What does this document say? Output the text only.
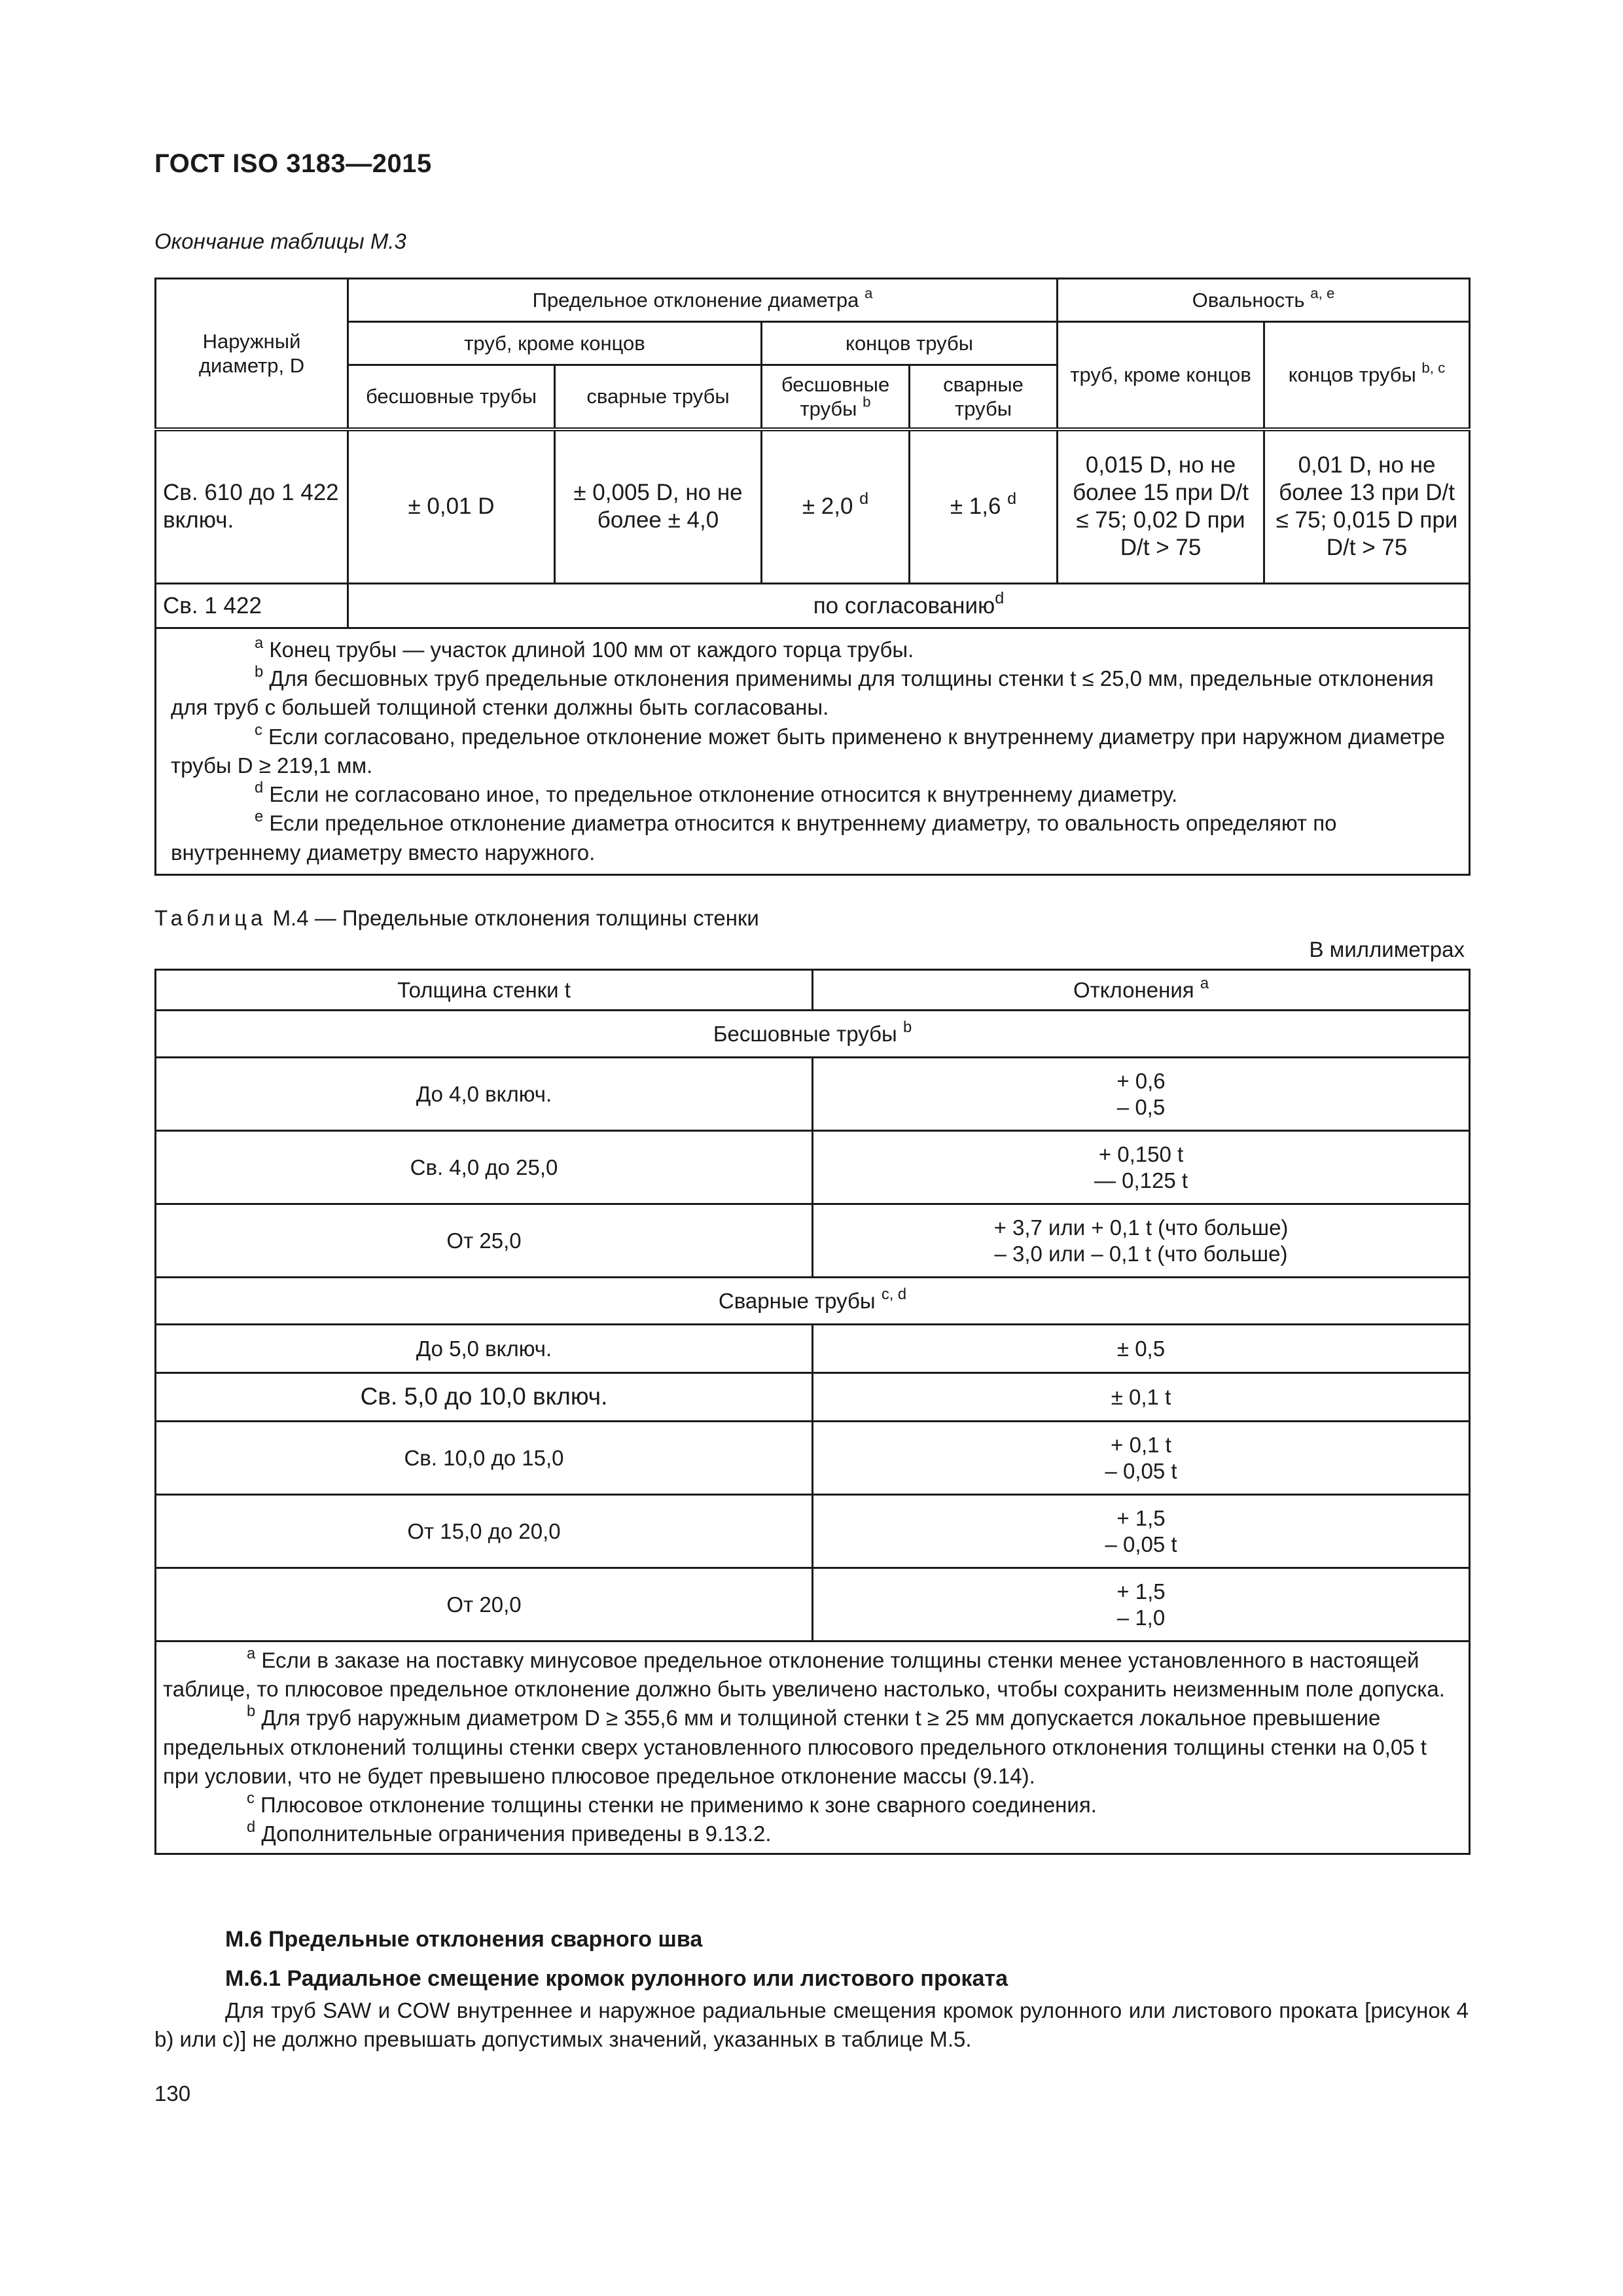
ГОСТ ISO 3183—2015
Окончание таблицы М.3
Наружный диаметр, D	Предельное отклонение диаметра $^a$				Овальность $^{a, e}$
	труб, кроме концов		концов трубы		труб, кроме концов	концов трубы $^{b, c}$
	бесшовные трубы	сварные трубы	бесшовные трубы $^b$	сварные трубы		
Св. 610 до 1 422 включ.	± 0,01 D	± 0,005 D, но не более ± 4,0	± 2,0 $^d$	± 1,6 $^d$	0,015 D, но не более 15 при D/t ≤ 75; 0,02 D при D/t > 75	0,01 D, но не более 13 при D/t ≤ 75; 0,015 D при D/t > 75
Св. 1 422	по согласованию$^d$

$^a$ Конец трубы — участок длиной 100 мм от каждого торца трубы.
$^b$ Для бесшовных труб предельные отклонения применимы для толщины стенки t ≤ 25,0 мм, предельные отклонения для труб с большей толщиной стенки должны быть согласованы.
$^c$ Если согласовано, предельное отклонение может быть применено к внутреннему диаметру при наружном диаметре трубы D ≥ 219,1 мм.
$^d$ Если не согласовано иное, то предельное отклонение относится к внутреннему диаметру.
$^e$ Если предельное отклонение диаметра относится к внутреннему диаметру, то овальность определяют по внутреннему диаметру вместо наружного.						
Таблица М.4 — Предельные отклонения толщины стенки
В миллиметрах
Толщина стенки t	Отклонения $^a$
Бесшовные трубы $^b$
До 4,0 включ.	+ 0,6
– 0,5

Св. 4,0 до 25,0	+ 0,150 t
— 0,125 t

От 25,0	+ 3,7 или + 0,1 t (что больше)
– 3,0 или – 0,1 t (что больше)

Сварные трубы $^{c, d}$
До 5,0 включ.	± 0,5
Св. 5,0 до 10,0 включ.	± 0,1 t
Св. 10,0 до 15,0	+ 0,1 t
– 0,05 t

От 15,0 до 20,0	+ 1,5
– 0,05 t

От 20,0	+ 1,5
– 1,0

$^a$ Если в заказе на поставку минусовое предельное отклонение толщины стенки менее установленного в настоящей таблице, то плюсовое предельное отклонение должно быть увеличено настолько, чтобы сохранить неизменным поле допуска.
$^b$ Для труб наружным диаметром D ≥ 355,6 мм и толщиной стенки t ≥ 25 мм допускается локальное превышение предельных отклонений толщины стенки сверх установленного плюсового предельного отклонения толщины стенки на 0,05 t при условии, что не будет превышено плюсовое предельное отклонение массы (9.14).
$^c$ Плюсовое отклонение толщины стенки не применимо к зоне сварного соединения.
$^d$ Дополнительные ограничения приведены в 9.13.2.	
М.6 Предельные отклонения сварного шва
М.6.1 Радиальное смещение кромок рулонного или листового проката
Для труб SAW и COW внутреннее и наружное радиальные смещения кромок рулонного или листового проката [рисунок 4 b) или с)] не должно превышать допустимых значений, указанных в таблице М.5.
130
